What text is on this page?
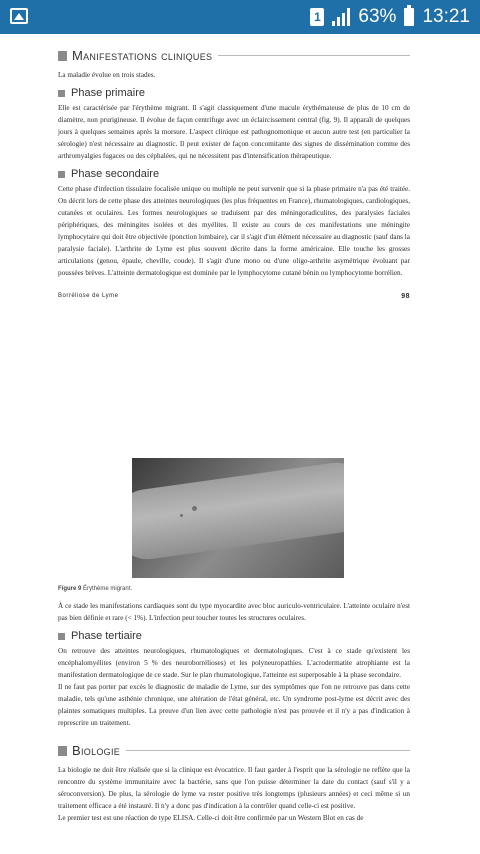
1 63% 13:21
Manifestations cliniques

La maladie évolue en trois stades.

Phase primaire

Elle est caractérisée par l'érythème migrant. Il s'agit classiquement d'une macule érythémateuse de plus de 10 cm de diamètre, non prurigineuse. Il évolue de façon centrifuge avec un éclaircissement central (fig. 9). Il apparaît de quelques jours à quelques semaines après la morsure. L'aspect clinique est pathognomonique et aucun autre test (en particulier la sérologie) n'est nécessaire au diagnostic. Il peut exister de façon concomitante des signes de dissémination comme des arthromyalgies fugaces ou des céphalées, qui ne nécessitent pas d'intensification thérapeutique.

Phase secondaire

Cette phase d'infection tissulaire focalisée unique ou multiple ne peut survenir que si la phase primaire n'a pas été traitée. On décrit lors de cette phase des atteintes neurologiques (les plus fréquentes en France), rhumatologiques, cardiologiques, cutanées et oculaires. Les formes neurologiques se traduisent par des méningoradiculites, des paralysies faciales périphériques, des méningites isolées et des myélites. Il existe au cours de ces manifestations une méningite lymphocytaire qui doit être objectivée (ponction lombaire), car il s'agit d'un élément nécessaire au diagnostic (sauf dans la paralysie faciale). L'arthrite de Lyme est plus souvent décrite dans la forme américaine. Elle touche les grosses articulations (genou, épaule, cheville, coude). Il s'agit d'une mono ou d'une oligo-arthrite asymétrique évoluant par poussées brèves. L'atteinte dermatologique est dominée par le lymphocytome cutané bénin ou lymphocytome borrélien.

Borréliose de Lyme	98
Figure 9 Érythème migrant.

À ce stade les manifestations cardiaques sont du type myocardite avec bloc auriculo-ventriculaire. L'atteinte oculaire n'est pas bien définie et rare (< 1%). L'infection peut toucher toutes les structures oculaires.

Phase tertiaire

On retrouve des atteintes neurologiques, rhumatologiques et dermatologiques. C'est à ce stade qu'existent les encéphalomyélites (environ 5 % des neuroborrélioses) et les polyneuropathies. L'acrodermatite atrophiante est la manifestation dermatologique de ce stade. Sur le plan rhumatologique, l'atteinte est superposable à la phase secondaire.

Il ne faut pas porter par excès le diagnostic de maladie de Lyme, sur des symptômes que l'on ne retrouve pas dans cette maladie, tels qu'une asthénie chronique, une altération de l'état général, etc. Un syndrome post-lyme est décrit avec des plaintes somatiques multiples. La preuve d'un lien avec cette pathologie n'est pas prouvée et il n'y a pas d'indication à represcrire un traitement.

Biologie

La biologie ne doit être réalisée que si la clinique est évocatrice. Il faut garder à l'esprit que la sérologie ne reflète que la rencontre du système immunitaire avec la bactérie, sans que l'on puisse déterminer la date du contact (sauf s'il y a séroconversion). De plus, la sérologie de lyme va rester positive très longtemps (plusieurs années) et ceci même si un traitement efficace a été instauré. Il n'y a donc pas d'indication à la contrôler quand celle-ci est positive.

Le premier test est une réaction de type ELISA. Celle-ci doit être confirmée par un Western Blot en cas de
